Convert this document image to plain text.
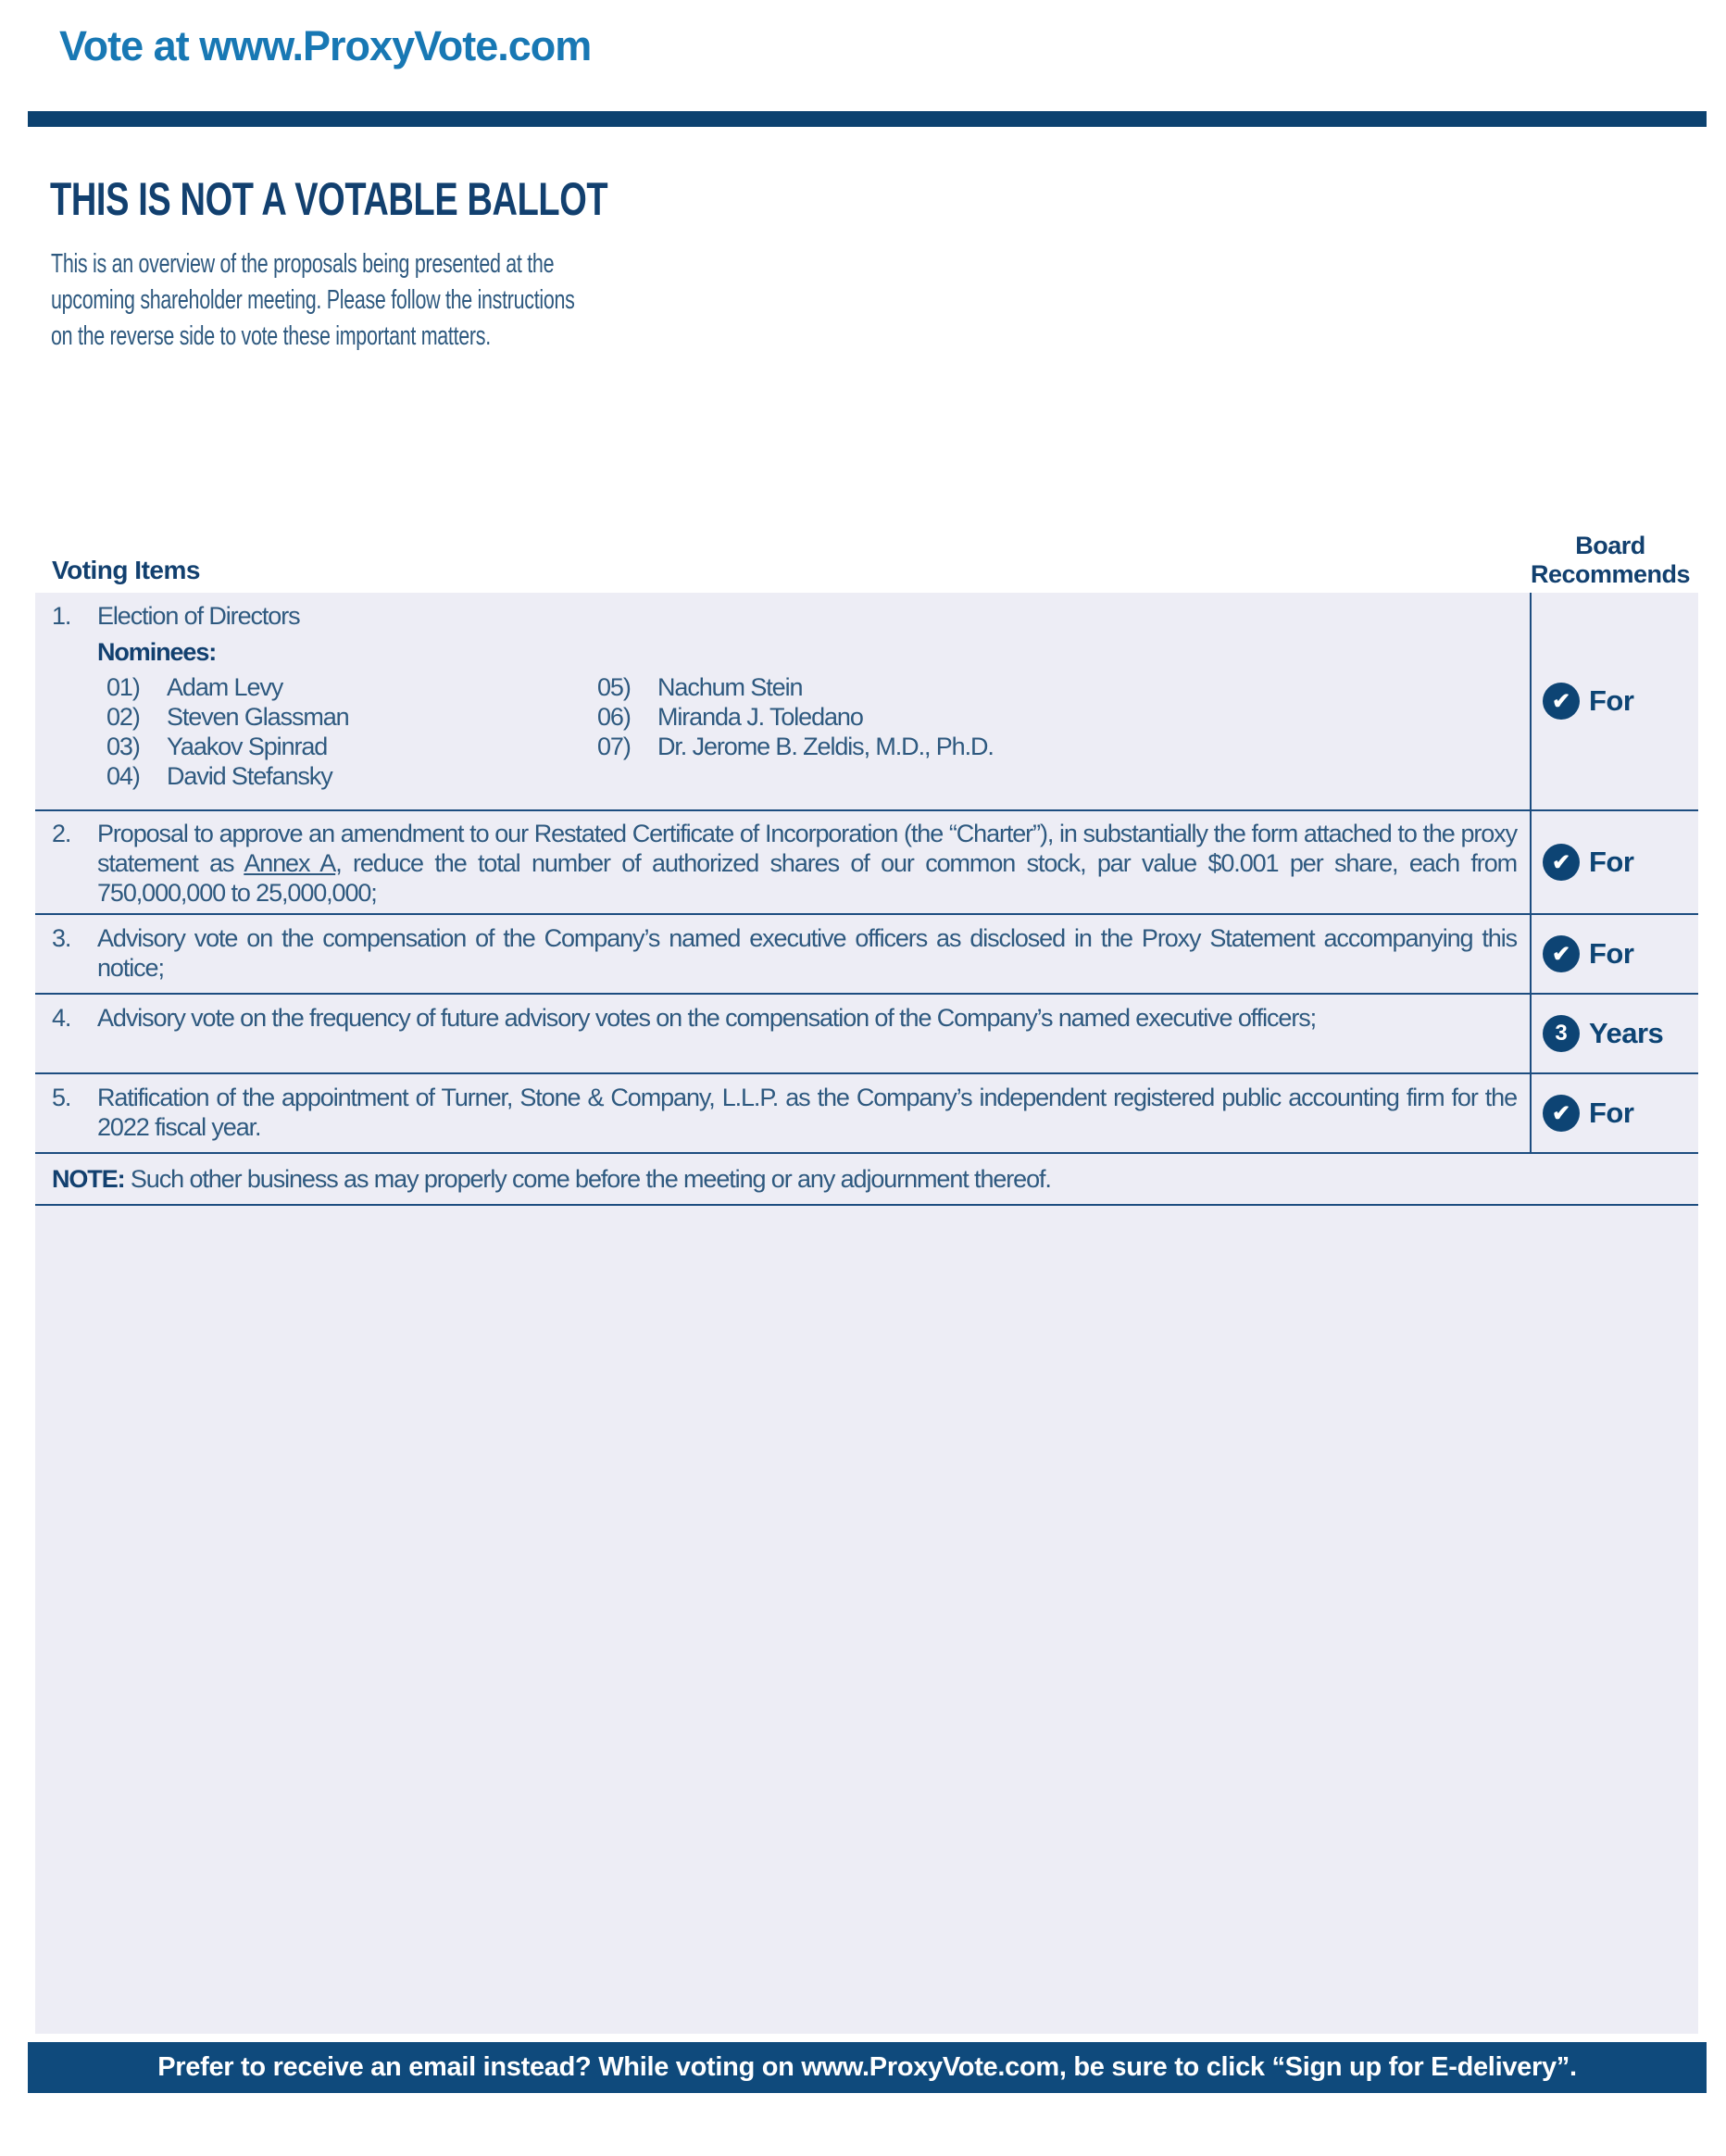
Vote at www.ProxyVote.com
THIS IS NOT A VOTABLE BALLOT
This is an overview of the proposals being presented at the upcoming shareholder meeting. Please follow the instructions on the reverse side to vote these important matters.
Voting Items
Board
Recommends
1.	Election of Directors
Nominees:
01)	Adam Levy
02)	Steven Glassman
03)	Yaakov Spinrad
04)	David Stefansky
05)	Nachum Stein
06)	Miranda J. Toledano
07)	Dr. Jerome B. Zeldis, M.D., Ph.D.
✔ For
2.	Proposal to approve an amendment to our Restated Certificate of Incorporation (the “Charter”), in substantially the form attached to the proxy statement as Annex A, reduce the total number of authorized shares of our common stock, par value $0.001 per share, each from 750,000,000 to 25,000,000;
✔ For
3.	Advisory vote on the compensation of the Company’s named executive officers as disclosed in the Proxy Statement accompanying this notice;	✔ For
4.	Advisory vote on the frequency of future advisory votes on the compensation of the Company’s named executive officers;
3 Years
5.	Ratification of the appointment of Turner, Stone & Company, L.L.P. as the Company’s independent registered public accounting firm for the 2022 fiscal year.	✔ For
NOTE: Such other business as may properly come before the meeting or any adjournment thereof.
Prefer to receive an email instead? While voting on www.ProxyVote.com, be sure to click “Sign up for E-delivery”.
